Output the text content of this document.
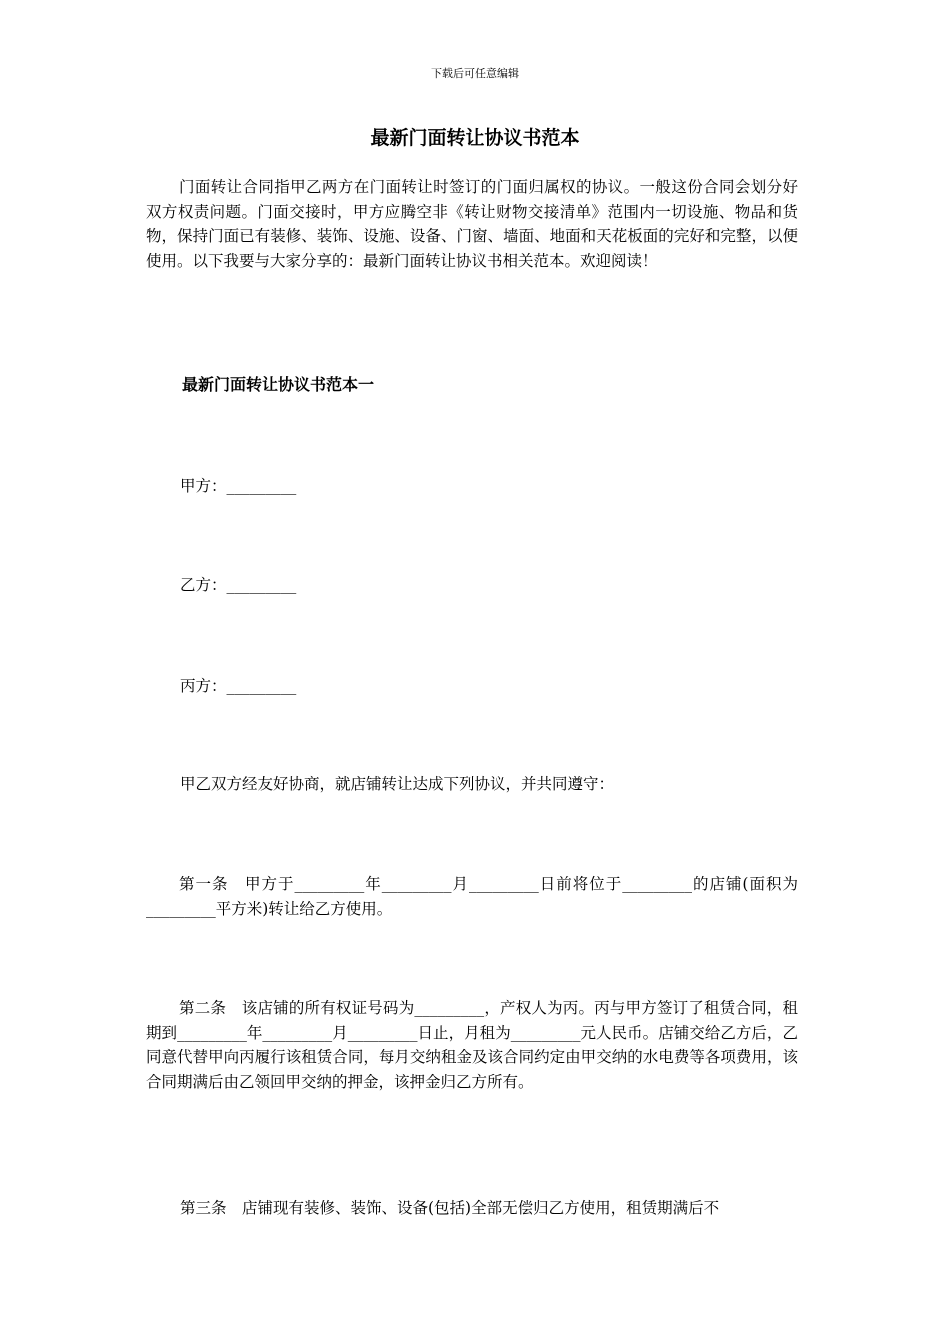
下载后可任意编辑
最新门面转让协议书范本

门面转让合同指甲乙两方在门面转让时签订的门面归属权的协议。一般这份合同会划分好双方权责问题。门面交接时，甲方应腾空非《转让财物交接清单》范围内一切设施、物品和货物，保持门面已有装修、装饰、设施、设备、门窗、墙面、地面和天花板面的完好和完整，以便使用。以下我要与大家分享的：最新门面转让协议书相关范本。欢迎阅读！

最新门面转让协议书范本一
甲方：_________
乙方：_________
丙方：_________
甲乙双方经友好协商，就店铺转让达成下列协议，并共同遵守：

第一条　甲方于_________年_________月_________日前将位于_________的店铺(面积为_________平方米)转让给乙方使用。

第二条　该店铺的所有权证号码为_________，产权人为丙。丙与甲方签订了租赁合同，租期到_________年_________月_________日止，月租为_________元人民币。店铺交给乙方后，乙同意代替甲向丙履行该租赁合同，每月交纳租金及该合同约定由甲交纳的水电费等各项费用，该合同期满后由乙领回甲交纳的押金，该押金归乙方所有。

第三条　店铺现有装修、装饰、设备(包括)全部无偿归乙方使用，租赁期满后不
